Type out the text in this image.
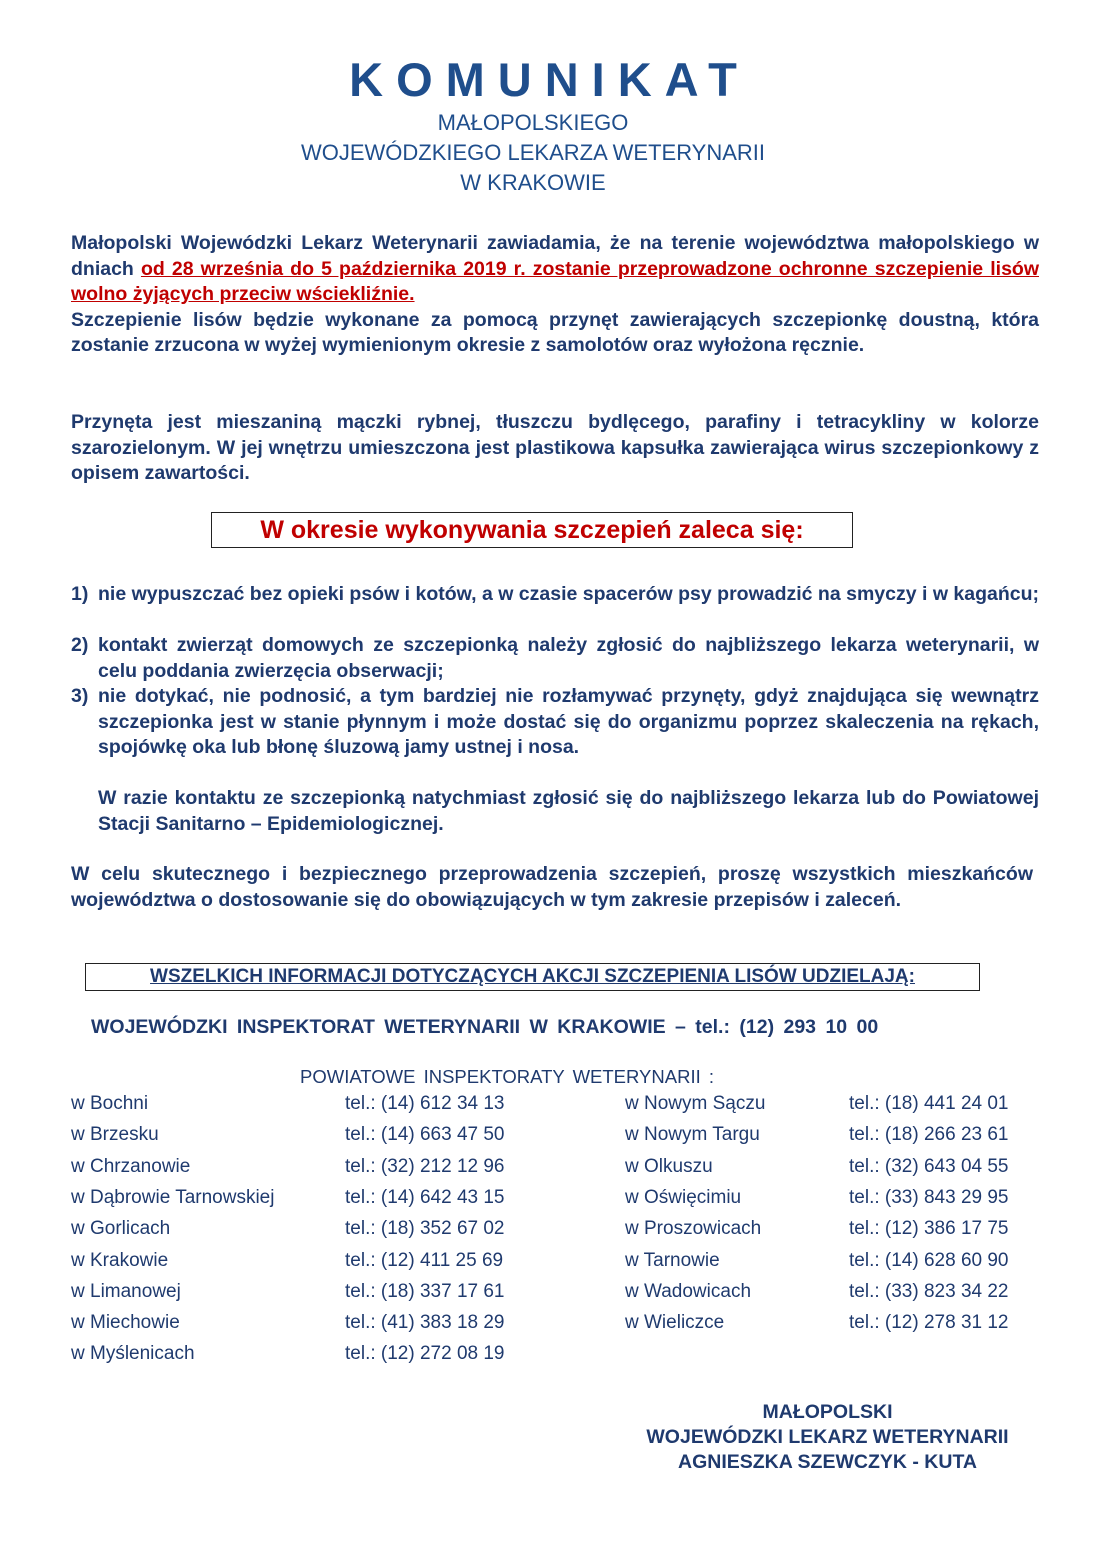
KOMUNIKAT
MAŁOPOLSKIEGO
WOJEWÓDZKIEGO LEKARZA WETERYNARII
W KRAKOWIE
Małopolski Wojewódzki Lekarz Weterynarii zawiadamia, że na terenie województwa małopolskiego w dniach od 28 września do 5 października 2019 r. zostanie przeprowadzone ochronne szczepienie lisów wolno żyjących przeciw wściekliźnie.
Szczepienie lisów będzie wykonane za pomocą przynęt zawierających szczepionkę doustną, która zostanie zrzucona w wyżej wymienionym okresie z samolotów oraz wyłożona ręcznie.
Przynęta jest mieszaniną mączki rybnej, tłuszczu bydlęcego, parafiny i tetracykliny w kolorze szarozielonym. W jej wnętrzu umieszczona jest plastikowa kapsułka zawierająca wirus szczepionkowy z opisem zawartości.
W okresie wykonywania szczepień zaleca się:
1) nie wypuszczać bez opieki psów i kotów, a w czasie spacerów psy prowadzić na smyczy i w kagańcu;
2) kontakt zwierząt domowych ze szczepionką należy zgłosić do najbliższego lekarza weterynarii, w celu poddania zwierzęcia obserwacji;
3) nie dotykać, nie podnosić, a tym bardziej nie rozłamywać przynęty, gdyż znajdująca się wewnątrz szczepionka jest w stanie płynnym i może dostać się do organizmu poprzez skaleczenia na rękach, spojówkę oka lub błonę śluzową jamy ustnej i nosa.
W razie kontaktu ze szczepionką natychmiast zgłosić się do najbliższego lekarza lub do Powiatowej Stacji Sanitarno – Epidemiologicznej.
W celu skutecznego i bezpiecznego przeprowadzenia szczepień, proszę wszystkich mieszkańców województwa o dostosowanie się do obowiązujących w tym zakresie przepisów i zaleceń.
WSZELKICH INFORMACJI DOTYCZĄCYCH AKCJI SZCZEPIENIA LISÓW UDZIELAJĄ:
WOJEWÓDZKI INSPEKTORAT WETERYNARII W KRAKOWIE – tel.: (12) 293 10 00
POWIATOWE INSPEKTORATY WETERYNARII :
w Bochni	tel.: (14) 612 34 13
w Brzesku	tel.: (14) 663 47 50
w Chrzanowie	tel.: (32) 212 12 96
w Dąbrowie Tarnowskiej	tel.: (14) 642 43 15
w Gorlicach	tel.: (18) 352 67 02
w Krakowie	tel.: (12) 411 25 69
w Limanowej	tel.: (18) 337 17 61
w Miechowie	tel.: (41) 383 18 29
w Myślenicach	tel.: (12) 272 08 19
w Nowym Sączu	tel.: (18) 441 24 01
w Nowym Targu	tel.: (18) 266 23 61
w Olkuszu	tel.: (32) 643 04 55
w Oświęcimiu	tel.: (33) 843 29 95
w Proszowicach	tel.: (12) 386 17 75
w Tarnowie	tel.: (14) 628 60 90
w Wadowicach	tel.: (33) 823 34 22
w Wieliczce	tel.: (12) 278 31 12
MAŁOPOLSKI
WOJEWÓDZKI LEKARZ WETERYNARII
AGNIESZKA SZEWCZYK - KUTA
